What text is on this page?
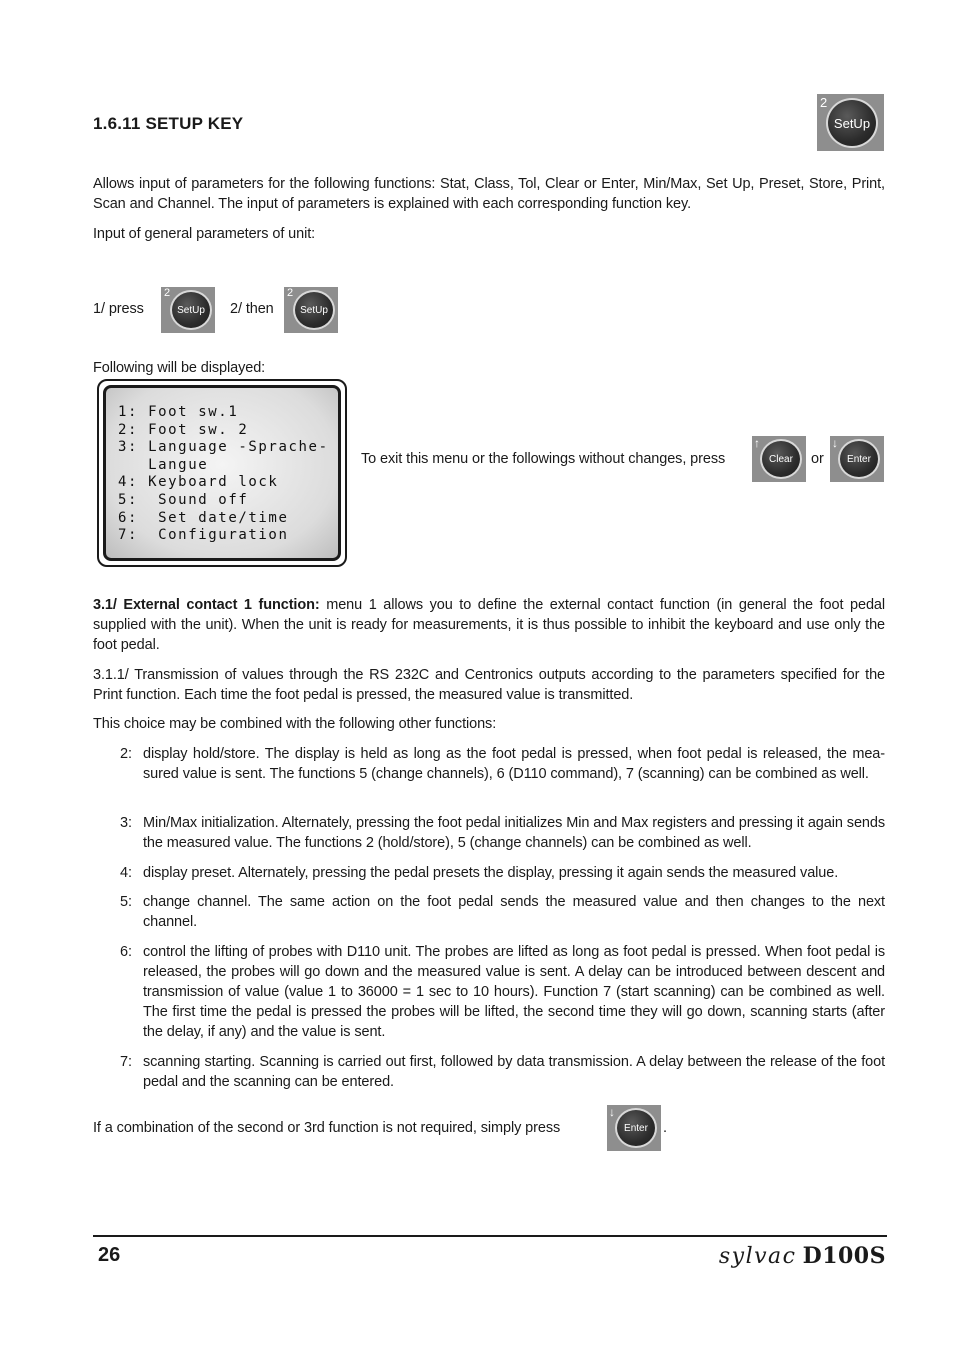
1.6.11 SETUP KEY	SetUp
2
Allows input of parameters for the following functions: Stat, Class, Tol, Clear or Enter, Min/Max, Set Up, Preset, Store, Print, Scan and Channel. The input of parameters is explained with each corresponding function key.
Input of general parameters of unit:
1/ press	SetUp
2
2/ then	SetUp
2
Following will be displayed:
1: Foot sw.1
2: Foot sw. 2
3: Language -Sprache-
Langue
4: Keyboard lock
5:  Sound off
6:  Set date/time
7:  Configuration
To exit this menu or the followings without changes, press	Clear
↑
or Enter
↓
3.1/ External contact 1 function: menu 1 allows you to define the external contact function (in general the foot pedal supplied with the unit). When the unit is ready for measurements, it is thus possible to inhibit the keyboard and use only the foot pedal.
3.1.1/ Transmission of values through the RS 232C and Centronics outputs according to the parameters specified for the Print function. Each time the foot pedal is pressed, the measured value is transmitted.
This choice may be combined with the following other functions:
2: display hold/store. The display is held as long as the foot pedal is pressed, when foot pedal is released, the mea-sured value is sent. The functions 5 (change channels), 6 (D110 command), 7 (scanning) can be combined as well.
3: Min/Max initialization. Alternately, pressing the foot pedal initializes Min and Max registers and pressing it again sends the measured value. The functions 2 (hold/store), 5 (change channels) can be combined as well.
4: display preset. Alternately, pressing the pedal presets the display, pressing it again sends the measured value.
5: change channel. The same action on the foot pedal sends the measured value and then changes to the next channel.
6: control the lifting of probes with D110 unit. The probes are lifted as long as foot pedal is pressed. When foot pedal is released, the probes will go down and the measured value is sent. A delay can be introduced between descent and transmission of value (value 1 to 36000 = 1 sec to 10 hours). Function 7 (start scanning) can be combined as well. The first time the pedal is pressed the probes will be lifted, the second time they will go down, scanning starts (after the delay, if any) and the value is sent.
7: scanning starting. Scanning is carried out first, followed by data transmission. A delay between the release of the foot pedal and the scanning can be entered.
If a combination of the second or 3rd function is not required, simply press	Enter
↓
.
26	sylvac D100S
